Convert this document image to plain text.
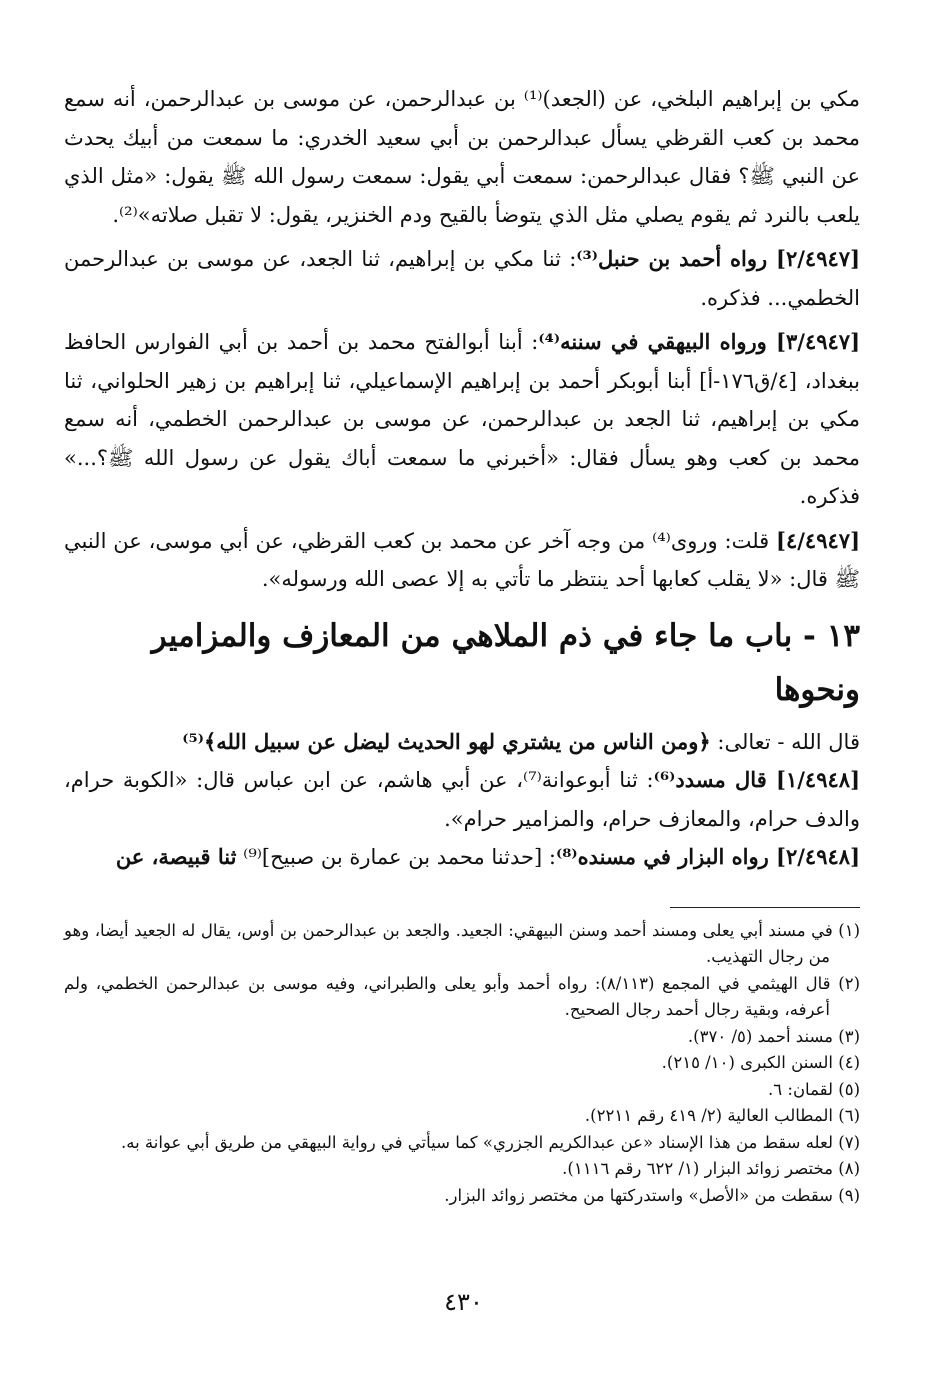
مكي بن إبراهيم البلخي، عن (الجعد)⁽¹⁾ بن عبدالرحمن، عن موسى بن عبدالرحمن، أنه سمع محمد بن كعب القرظي يسأل عبدالرحمن بن أبي سعيد الخدري: ما سمعت من أبيك يحدث عن النبي ﷺ؟ فقال عبدالرحمن: سمعت أبي يقول: سمعت رسول الله ﷺ يقول: «مثل الذي يلعب بالنرد ثم يقوم يصلي مثل الذي يتوضأ بالقيح ودم الخنزير، يقول: لا تقبل صلاته»⁽²⁾.

[٢/٤٩٤٧] رواه أحمد بن حنبل⁽³⁾: ثنا مكي بن إبراهيم، ثنا الجعد، عن موسى بن عبدالرحمن الخطمي... فذكره.

[٣/٤٩٤٧] ورواه البيهقي في سننه⁽⁴⁾: أبنا أبوالفتح محمد بن أحمد بن أبي الفوارس الحافظ ببغداد، [٤/ق١٧٦-أ] أبنا أبوبكر أحمد بن إبراهيم الإسماعيلي، ثنا إبراهيم بن زهير الحلواني، ثنا مكي بن إبراهيم، ثنا الجعد بن عبدالرحمن، عن موسى بن عبدالرحمن الخطمي، أنه سمع محمد بن كعب وهو يسأل فقال: «أخبرني ما سمعت أباك يقول عن رسول الله ﷺ؟...» فذكره.

[٤/٤٩٤٧] قلت: وروى⁽⁴⁾ من وجه آخر عن محمد بن كعب القرظي، عن أبي موسى، عن النبي ﷺ قال: «لا يقلب كعابها أحد ينتظر ما تأتي به إلا عصى الله ورسوله».

١٣ - باب ما جاء في ذم الملاهي من المعازف والمزامير ونحوها

قال الله - تعالى: ﴿ومن الناس من يشتري لهو الحديث ليضل عن سبيل الله﴾⁽⁵⁾

[١/٤٩٤٨] قال مسدد⁽⁶⁾: ثنا أبوعوانة⁽⁷⁾، عن أبي هاشم، عن ابن عباس قال: «الكوبة حرام، والدف حرام، والمعازف حرام، والمزامير حرام».

[٢/٤٩٤٨] رواه البزار في مسنده⁽⁸⁾: [حدثنا محمد بن عمارة بن صبيح]⁽⁹⁾ ثنا قبيصة، عن

(١) في مسند أبي يعلى ومسند أحمد وسنن البيهقي: الجعيد. والجعد بن عبدالرحمن بن أوس، يقال له الجعيد أيضا، وهو من رجال التهذيب.
(٢) قال الهيثمي في المجمع (٨/١١٣): رواه أحمد وأبو يعلى والطبراني، وفيه موسى بن عبدالرحمن الخطمي، ولم أعرفه، وبقية رجال أحمد رجال الصحيح.
(٣) مسند أحمد (٥/ ٣٧٠).
(٤) السنن الكبرى (١٠/ ٢١٥).
(٥) لقمان: ٦.
(٦) المطالب العالية (٢/ ٤١٩ رقم ٢٢١١).
(٧) لعله سقط من هذا الإسناد «عن عبدالكريم الجزري» كما سيأتي في رواية البيهقي من طريق أبي عوانة به.
(٨) مختصر زوائد البزار (١/ ٦٢٢ رقم ١١١٦).
(٩) سقطت من «الأصل» واستدركتها من مختصر زوائد البزار.
٤٣٠
